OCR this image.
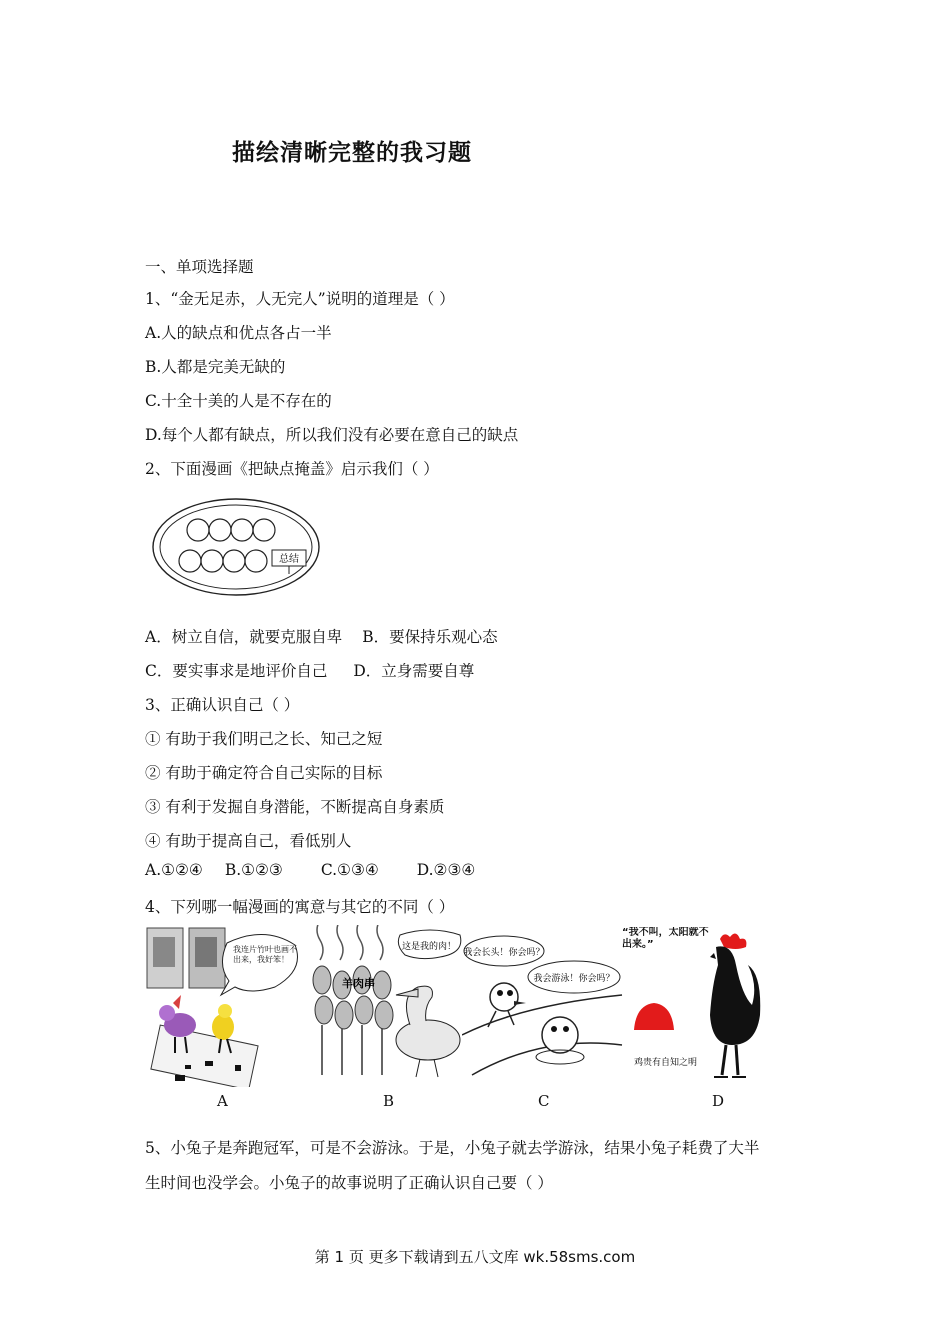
描绘清晰完整的我习题
一、单项选择题
1、“金无足赤，人无完人”说明的道理是（ ）
A.人的缺点和优点各占一半
B.人都是完美无缺的
C.十全十美的人是不存在的
D.每个人都有缺点，所以我们没有必要在意自己的缺点
2、下面漫画《把缺点掩盖》启示我们（ ）
总结
A．树立自信，就要克服自卑 B．要保持乐观心态
C．要实事求是地评价自己 D．立身需要自尊
3、正确认识自己（ ）
① 有助于我们明己之长、知己之短
② 有助于确定符合自己实际的目标
③ 有利于发掘自身潜能，不断提高自身素质
④ 有助于提高自己，看低别人
A.①②④ B.①②③ C.①③④ D.②③④
4、下列哪一幅漫画的寓意与其它的不同（ ）
我连片竹叶也画不出来，我好笨！
羊肉串
这是我的肉！
我会长头！你会吗？
我会游泳！你会吗？
“我不叫，太阳就不出来。”
鸡贵有自知之明
A	B	C	D
5、小兔子是奔跑冠军，可是不会游泳。于是，小兔子就去学游泳，结果小兔子耗费了大半
生时间也没学会。小兔子的故事说明了正确认识自己要（ ）
第 1 页 更多下载请到五八文库 wk.58sms.com
